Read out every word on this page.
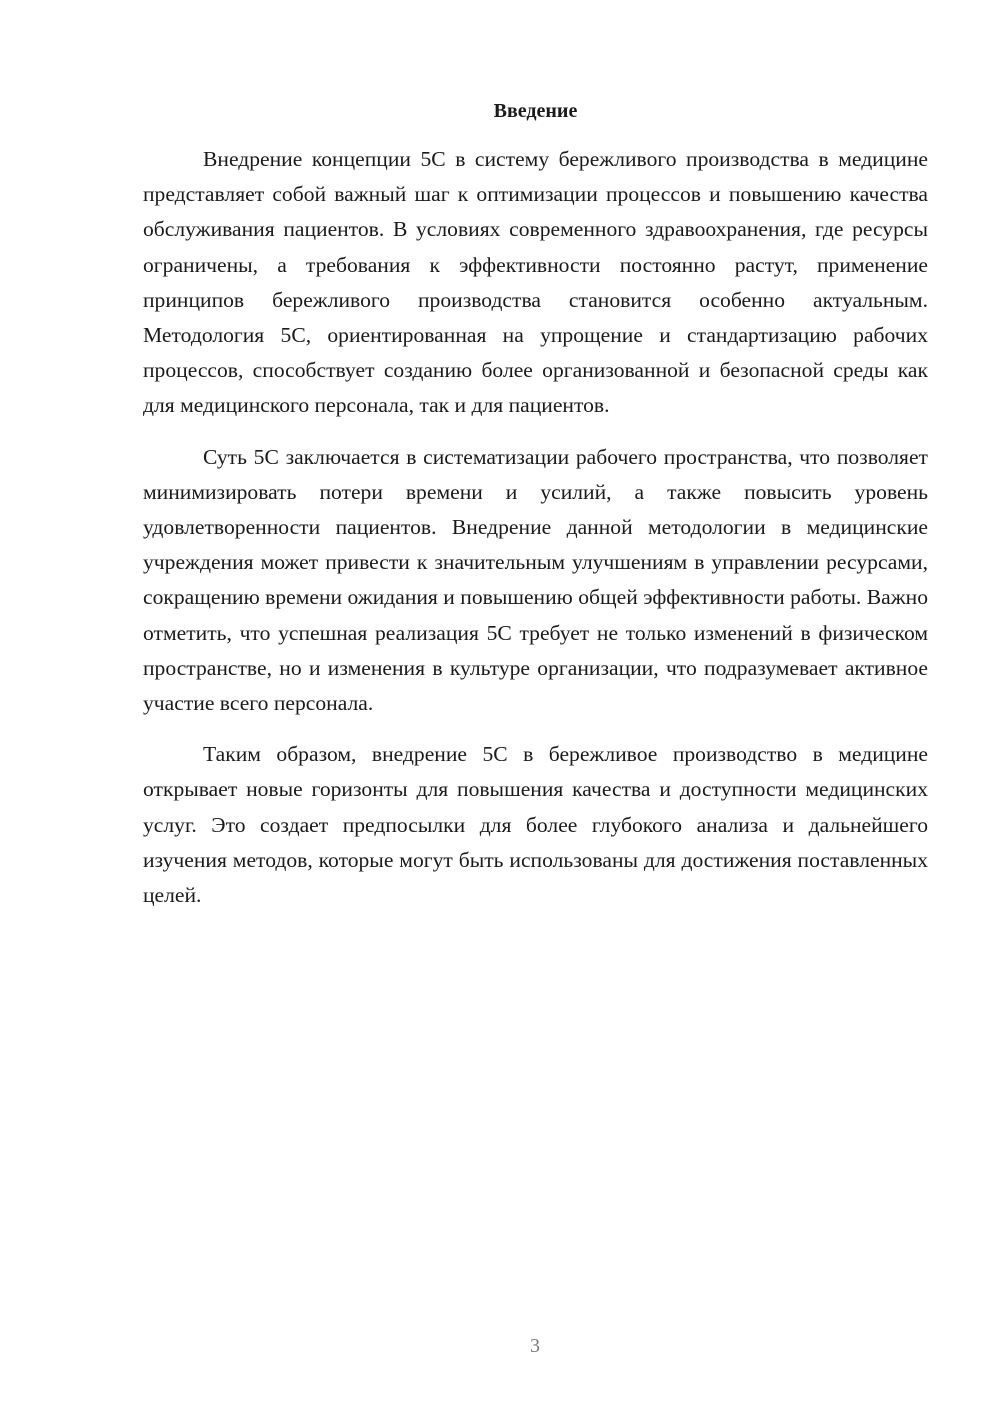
Введение

Внедрение концепции 5С в систему бережливого производства в медицине представляет собой важный шаг к оптимизации процессов и повышению качества обслуживания пациентов. В условиях современного здравоохранения, где ресурсы ограничены, а требования к эффективности постоянно растут, применение принципов бережливого производства становится особенно актуальным. Методология 5С, ориентированная на упрощение и стандартизацию рабочих процессов, способствует созданию более организованной и безопасной среды как для медицинского персонала, так и для пациентов.

Суть 5С заключается в систематизации рабочего пространства, что позволяет минимизировать потери времени и усилий, а также повысить уровень удовлетворенности пациентов. Внедрение данной методологии в медицинские учреждения может привести к значительным улучшениям в управлении ресурсами, сокращению времени ожидания и повышению общей эффективности работы. Важно отметить, что успешная реализация 5С требует не только изменений в физическом пространстве, но и изменения в культуре организации, что подразумевает активное участие всего персонала.

Таким образом, внедрение 5С в бережливое производство в медицине открывает новые горизонты для повышения качества и доступности медицинских услуг. Это создает предпосылки для более глубокого анализа и дальнейшего изучения методов, которые могут быть использованы для достижения поставленных целей.

3
